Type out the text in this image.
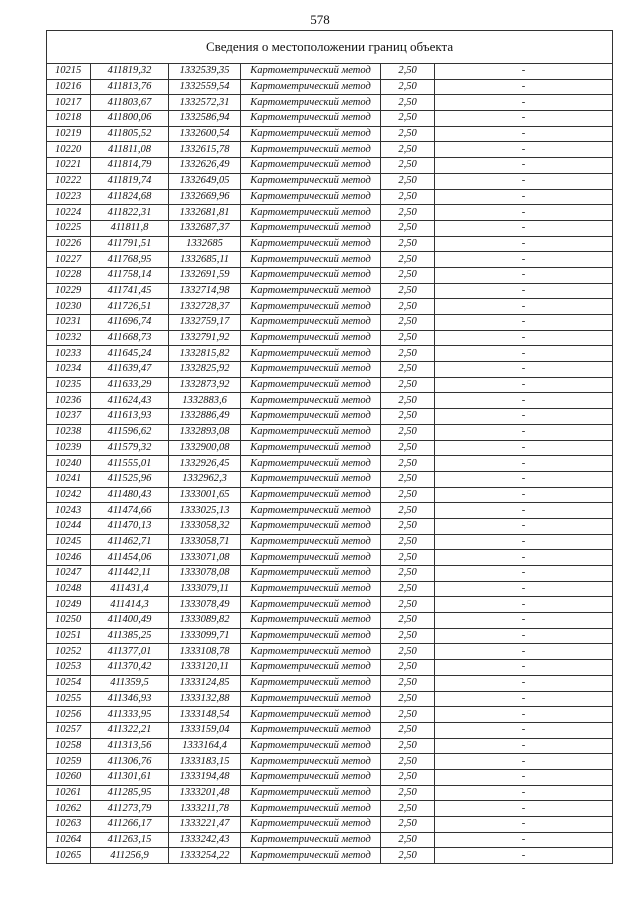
578
Сведения о местоположении границ объекта					
10215	411819,32	1332539,35	Картометрический метод	2,50	-
10216	411813,76	1332559,54	Картометрический метод	2,50	-
10217	411803,67	1332572,31	Картометрический метод	2,50	-
10218	411800,06	1332586,94	Картометрический метод	2,50	-
10219	411805,52	1332600,54	Картометрический метод	2,50	-
10220	411811,08	1332615,78	Картометрический метод	2,50	-
10221	411814,79	1332626,49	Картометрический метод	2,50	-
10222	411819,74	1332649,05	Картометрический метод	2,50	-
10223	411824,68	1332669,96	Картометрический метод	2,50	-
10224	411822,31	1332681,81	Картометрический метод	2,50	-
10225	411811,8	1332687,37	Картометрический метод	2,50	-
10226	411791,51	1332685	Картометрический метод	2,50	-
10227	411768,95	1332685,11	Картометрический метод	2,50	-
10228	411758,14	1332691,59	Картометрический метод	2,50	-
10229	411741,45	1332714,98	Картометрический метод	2,50	-
10230	411726,51	1332728,37	Картометрический метод	2,50	-
10231	411696,74	1332759,17	Картометрический метод	2,50	-
10232	411668,73	1332791,92	Картометрический метод	2,50	-
10233	411645,24	1332815,82	Картометрический метод	2,50	-
10234	411639,47	1332825,92	Картометрический метод	2,50	-
10235	411633,29	1332873,92	Картометрический метод	2,50	-
10236	411624,43	1332883,6	Картометрический метод	2,50	-
10237	411613,93	1332886,49	Картометрический метод	2,50	-
10238	411596,62	1332893,08	Картометрический метод	2,50	-
10239	411579,32	1332900,08	Картометрический метод	2,50	-
10240	411555,01	1332926,45	Картометрический метод	2,50	-
10241	411525,96	1332962,3	Картометрический метод	2,50	-
10242	411480,43	1333001,65	Картометрический метод	2,50	-
10243	411474,66	1333025,13	Картометрический метод	2,50	-
10244	411470,13	1333058,32	Картометрический метод	2,50	-
10245	411462,71	1333058,71	Картометрический метод	2,50	-
10246	411454,06	1333071,08	Картометрический метод	2,50	-
10247	411442,11	1333078,08	Картометрический метод	2,50	-
10248	411431,4	1333079,11	Картометрический метод	2,50	-
10249	411414,3	1333078,49	Картометрический метод	2,50	-
10250	411400,49	1333089,82	Картометрический метод	2,50	-
10251	411385,25	1333099,71	Картометрический метод	2,50	-
10252	411377,01	1333108,78	Картометрический метод	2,50	-
10253	411370,42	1333120,11	Картометрический метод	2,50	-
10254	411359,5	1333124,85	Картометрический метод	2,50	-
10255	411346,93	1333132,88	Картометрический метод	2,50	-
10256	411333,95	1333148,54	Картометрический метод	2,50	-
10257	411322,21	1333159,04	Картометрический метод	2,50	-
10258	411313,56	1333164,4	Картометрический метод	2,50	-
10259	411306,76	1333183,15	Картометрический метод	2,50	-
10260	411301,61	1333194,48	Картометрический метод	2,50	-
10261	411285,95	1333201,48	Картометрический метод	2,50	-
10262	411273,79	1333211,78	Картометрический метод	2,50	-
10263	411266,17	1333221,47	Картометрический метод	2,50	-
10264	411263,15	1333242,43	Картометрический метод	2,50	-
10265	411256,9	1333254,22	Картометрический метод	2,50	-
